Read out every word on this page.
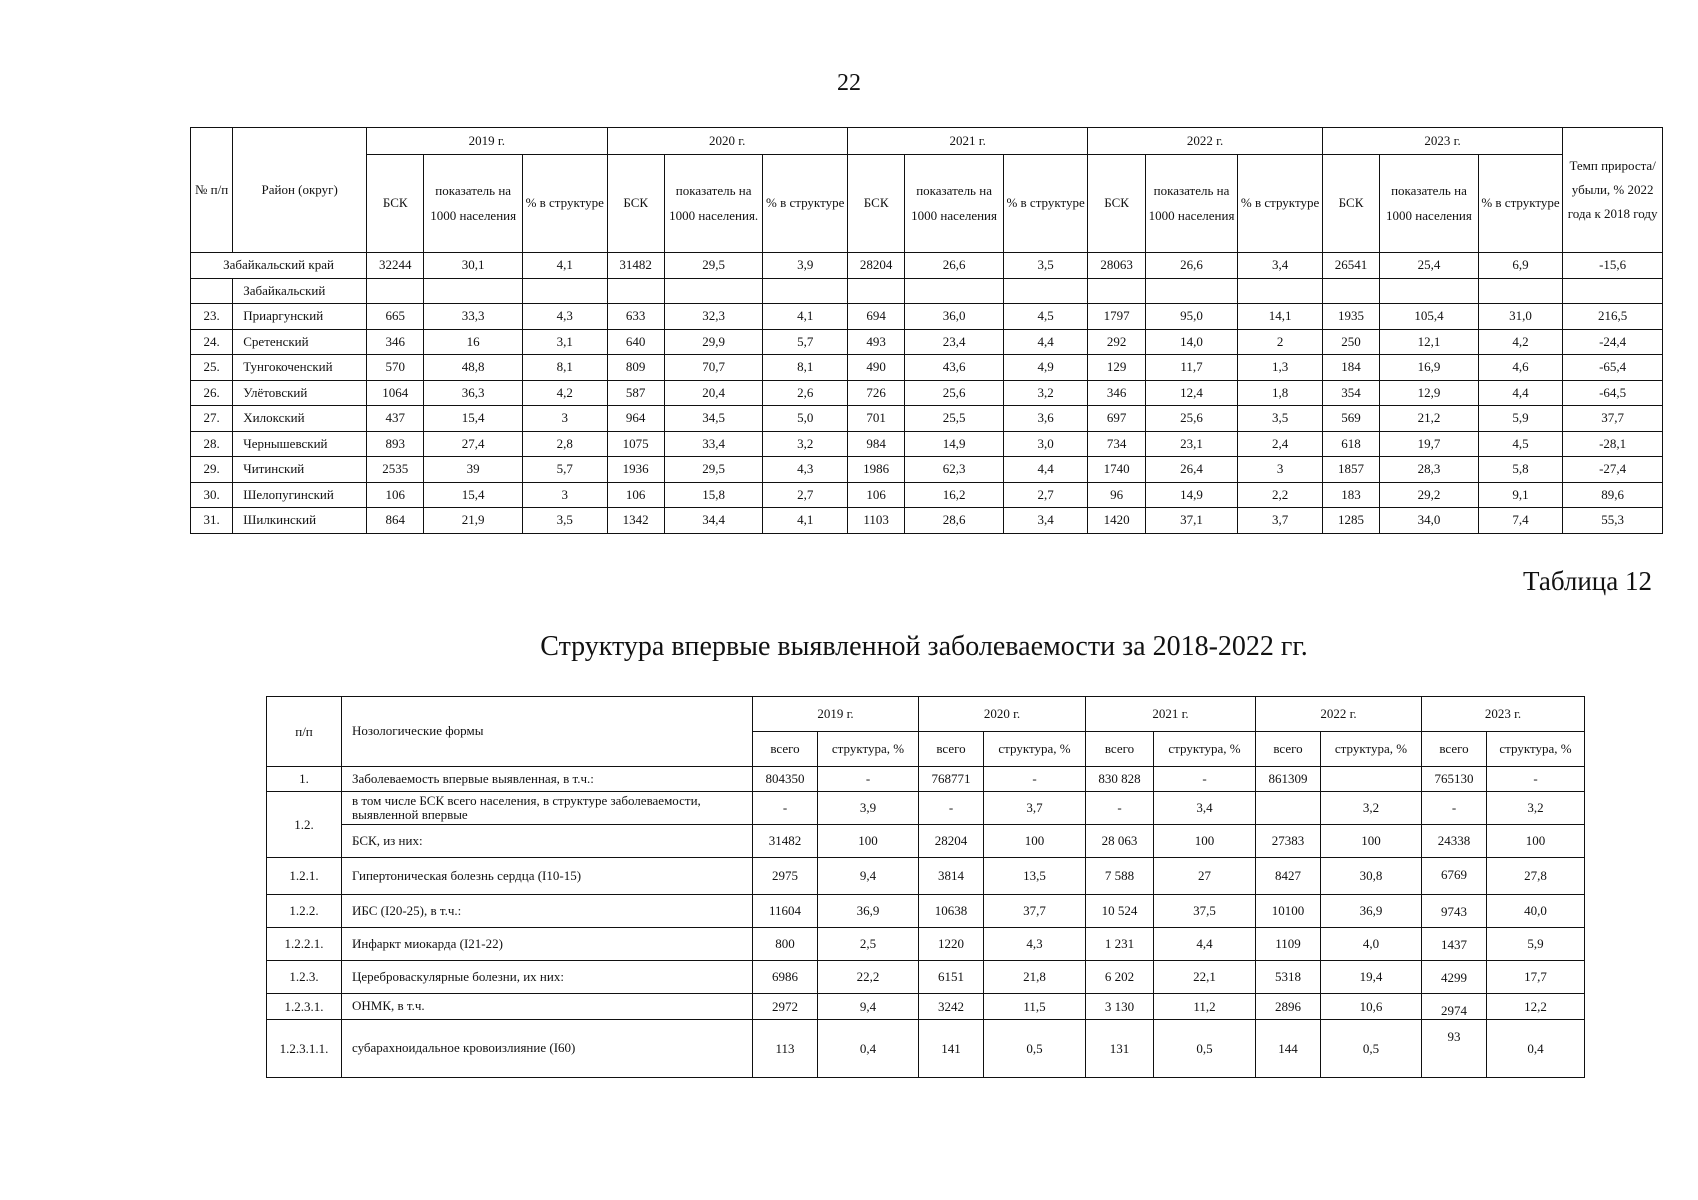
22
№ п/п	Район (округ)	2019 г.			2020 г.			2021 г.			2022 г.			2023 г.			Темп прироста/ убыли, % 2022 года к 2018 году
		БСК	показатель на 1000 населения	% в структуре	БСК	показатель на 1000 населения.	% в структуре	БСК	показатель на 1000 населения	% в структуре	БСК	показатель на 1000 населения	% в структуре	БСК	показатель на 1000 населения	% в структуре	
Забайкальский край		32244	30,1	4,1	31482	29,5	3,9	28204	26,6	3,5	28063	26,6	3,4	26541	25,4	6,9	-15,6
	Забайкальский																
23.	Приаргунский	665	33,3	4,3	633	32,3	4,1	694	36,0	4,5	1797	95,0	14,1	1935	105,4	31,0	216,5
24.	Сретенский	346	16	3,1	640	29,9	5,7	493	23,4	4,4	292	14,0	2	250	12,1	4,2	-24,4
25.	Тунгокоченский	570	48,8	8,1	809	70,7	8,1	490	43,6	4,9	129	11,7	1,3	184	16,9	4,6	-65,4
26.	Улётовский	1064	36,3	4,2	587	20,4	2,6	726	25,6	3,2	346	12,4	1,8	354	12,9	4,4	-64,5
27.	Хилокский	437	15,4	3	964	34,5	5,0	701	25,5	3,6	697	25,6	3,5	569	21,2	5,9	37,7
28.	Чернышевский	893	27,4	2,8	1075	33,4	3,2	984	14,9	3,0	734	23,1	2,4	618	19,7	4,5	-28,1
29.	Читинский	2535	39	5,7	1936	29,5	4,3	1986	62,3	4,4	1740	26,4	3	1857	28,3	5,8	-27,4
30.	Шелопугинский	106	15,4	3	106	15,8	2,7	106	16,2	2,7	96	14,9	2,2	183	29,2	9,1	89,6
31.	Шилкинский	864	21,9	3,5	1342	34,4	4,1	1103	28,6	3,4	1420	37,1	3,7	1285	34,0	7,4	55,3
Таблица 12
Структура впервые выявленной заболеваемости за 2018-2022 гг.
п/п	Нозологические формы	2019 г.		2020 г.		2021 г.		2022 г.		2023 г.	
		всего	структура, %	всего	структура, %	всего	структура, %	всего	структура, %	всего	структура, %
1.	Заболеваемость впервые выявленная, в т.ч.:	804350	-	768771	-	830 828	-	861309		765130	-
1.2.	в том числе БСК всего населения, в структуре заболеваемости, выявленной впервые	-	3,9	-	3,7	-	3,4		3,2	-	3,2
	БСК, из них:	31482	100	28204	100	28 063	100	27383	100	24338	100
1.2.1.	Гипертоническая болезнь сердца (I10-15)	2975	9,4	3814	13,5	7 588	27	8427	30,8	6769	27,8
1.2.2.	ИБС (I20-25), в т.ч.:	11604	36,9	10638	37,7	10 524	37,5	10100	36,9	9743	40,0
1.2.2.1.	Инфаркт миокарда (I21-22)	800	2,5	1220	4,3	1 231	4,4	1109	4,0	1437	5,9
1.2.3.	Цереброваскулярные болезни, их них:	6986	22,2	6151	21,8	6 202	22,1	5318	19,4	4299	17,7
1.2.3.1.	ОНМК, в т.ч.	2972	9,4	3242	11,5	3 130	11,2	2896	10,6	2974	12,2
1.2.3.1.1.	субарахноидальное кровоизлияние (I60)	113	0,4	141	0,5	131	0,5	144	0,5	93	0,4
